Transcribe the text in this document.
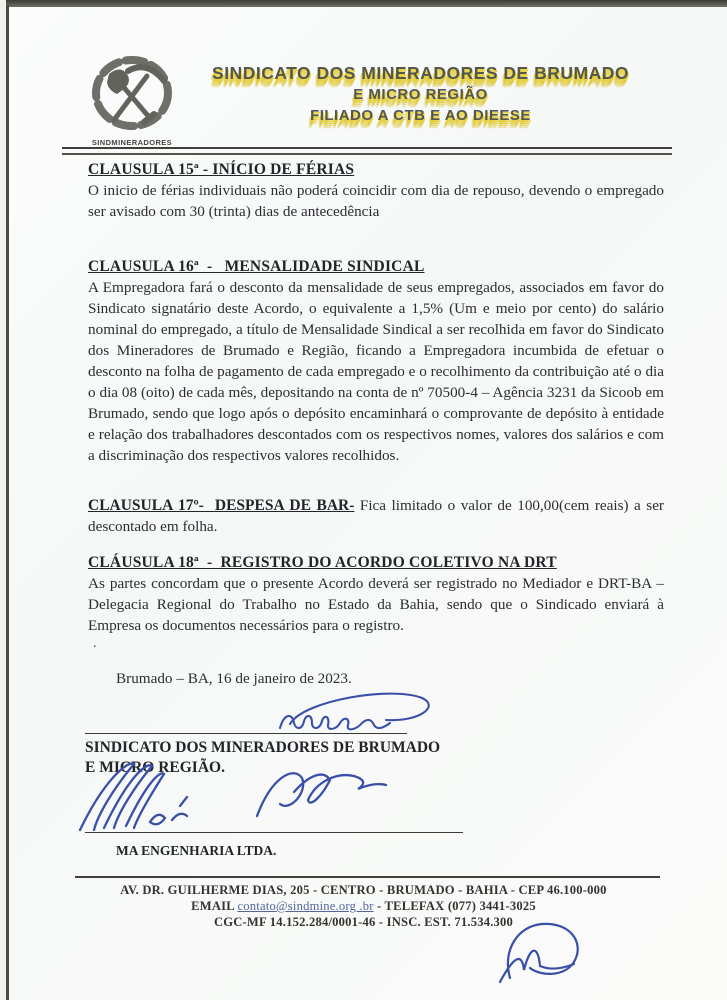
SINDMINERADORES
SINDICATO DOS MINERADORES DE BRUMADO
E MICRO REGIÃO
FILIADO A CTB E AO DIEESE
CLAUSULA 15ª - INÍCIO DE FÉRIAS
O inicio de férias individuais não poderá coincidir com dia de repouso, devendo o empregado ser avisado com 30 (trinta) dias de antecedência
CLAUSULA 16ª  -   MENSALIDADE SINDICAL
A Empregadora fará o desconto da mensalidade de seus empregados, associados em favor do Sindicato signatário deste Acordo, o equivalente a 1,5% (Um e meio por cento) do salário nominal do empregado, a título de Mensalidade Sindical a ser recolhida em favor do Sindicato dos Mineradores de Brumado e Região, ficando a Empregadora incumbida de efetuar o desconto na folha de pagamento de cada empregado e o recolhimento da contribuição até o dia o dia 08 (oito) de cada mês, depositando na conta de nº 70500-4 – Agência 3231 da Sicoob em Brumado, sendo que logo após o depósito encaminhará o comprovante de depósito à entidade e relação dos trabalhadores descontados com os respectivos nomes, valores dos salários e com a discriminação dos respectivos valores recolhidos.
CLAUSULA 17º-  DESPESA DE BAR- Fica limitado o valor de 100,00(cem reais) a ser descontado em folha.
CLÁUSULA 18ª  -  REGISTRO DO ACORDO COLETIVO NA DRT
As partes concordam que o presente Acordo deverá ser registrado no Mediador e DRT-BA – Delegacia Regional do Trabalho no Estado da Bahia, sendo que o Sindicado enviará à Empresa os documentos necessários para o registro.
.
Brumado – BA, 16 de janeiro de 2023.
SINDICATO DOS MINERADORES DE BRUMADO
E MICRO REGIÃO.
MA ENGENHARIA LTDA.
AV. DR. GUILHERME DIAS, 205 - CENTRO - BRUMADO - BAHIA - CEP 46.100-000
EMAIL contato@sindmine.org .br - TELEFAX (077) 3441-3025
CGC-MF 14.152.284/0001-46 - INSC. EST. 71.534.300
